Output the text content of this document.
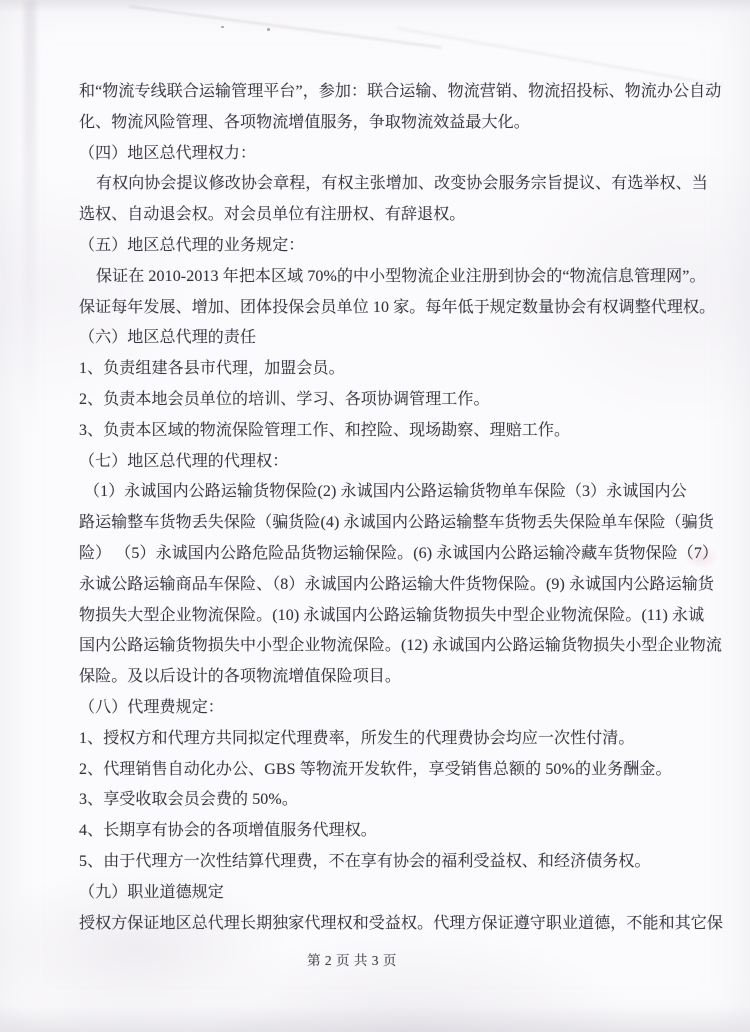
和“物流专线联合运输管理平台”，参加：联合运输、物流营销、物流招投标、物流办公自动
化、物流风险管理、各项物流增值服务，争取物流效益最大化。
（四）地区总代理权力：
有权向协会提议修改协会章程，有权主张增加、改变协会服务宗旨提议、有选举权、当
选权、自动退会权。对会员单位有注册权、有辞退权。
（五）地区总代理的业务规定：
保证在 2010-2013 年把本区域 70%的中小型物流企业注册到协会的“物流信息管理网”。
保证每年发展、增加、团体投保会员单位 10 家。每年低于规定数量协会有权调整代理权。
（六）地区总代理的责任
1、负责组建各县市代理，加盟会员。
2、负责本地会员单位的培训、学习、各项协调管理工作。
3、负责本区域的物流保险管理工作、和控险、现场勘察、理赔工作。
（七）地区总代理的代理权：
（1）永诚国内公路运输货物保险(2) 永诚国内公路运输货物单车保险（3）永诚国内公
路运输整车货物丢失保险（骗货险(4) 永诚国内公路运输整车货物丢失保险单车保险（骗货
险） （5）永诚国内公路危险品货物运输保险。(6) 永诚国内公路运输冷藏车货物保险（7）
永诚公路运输商品车保险、（8）永诚国内公路运输大件货物保险。(9) 永诚国内公路运输货
物损失大型企业物流保险。(10) 永诚国内公路运输货物损失中型企业物流保险。(11) 永诚
国内公路运输货物损失中小型企业物流保险。(12) 永诚国内公路运输货物损失小型企业物流
保险。及以后设计的各项物流增值保险项目。
（八）代理费规定：
1、授权方和代理方共同拟定代理费率，所发生的代理费协会均应一次性付清。
2、代理销售自动化办公、GBS 等物流开发软件，享受销售总额的 50%的业务酬金。
3、享受收取会员会费的 50%。
4、长期享有协会的各项增值服务代理权。
5、由于代理方一次性结算代理费，不在享有协会的福利受益权、和经济债务权。
（九）职业道德规定
授权方保证地区总代理长期独家代理权和受益权。代理方保证遵守职业道德，不能和其它保
第 2 页 共 3 页
